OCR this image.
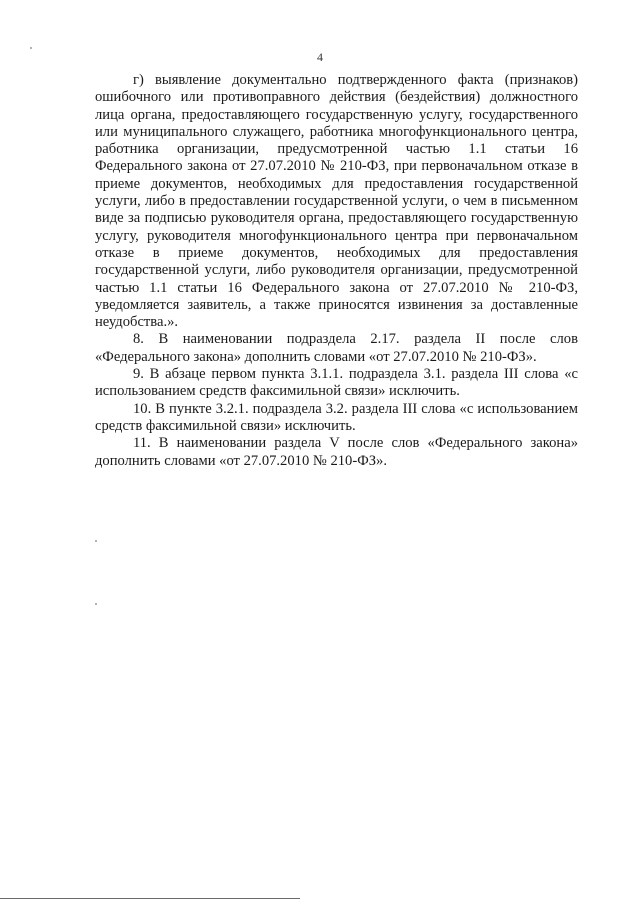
4

г) выявление документально подтвержденного факта (признаков) ошибочного или противоправного действия (бездействия) должностного лица органа, предоставляющего государственную услугу, государственного или муниципального служащего, работника многофункционального центра, работника организации, предусмотренной частью 1.1 статьи 16 Федерального закона от 27.07.2010 № 210-ФЗ, при первоначальном отказе в приеме документов, необходимых для предоставления государственной услуги, либо в предоставлении государственной услуги, о чем в письменном виде за подписью руководителя органа, предоставляющего государственную услугу, руководителя многофункционального центра при первоначальном отказе в приеме документов, необходимых для предоставления государственной услуги, либо руководителя организации, предусмотренной частью 1.1 статьи 16 Федерального закона от 27.07.2010 № 210-ФЗ, уведомляется заявитель, а также приносятся извинения за доставленные неудобства.».

8. В наименовании подраздела 2.17. раздела II после слов «Федерального закона» дополнить словами «от 27.07.2010 № 210-ФЗ».

9. В абзаце первом пункта 3.1.1. подраздела 3.1. раздела III слова «с использованием средств факсимильной связи» исключить.

10. В пункте 3.2.1. подраздела 3.2. раздела III слова «с использованием средств факсимильной связи» исключить.

11. В наименовании раздела V после слов «Федерального закона» дополнить словами «от 27.07.2010 № 210-ФЗ».
